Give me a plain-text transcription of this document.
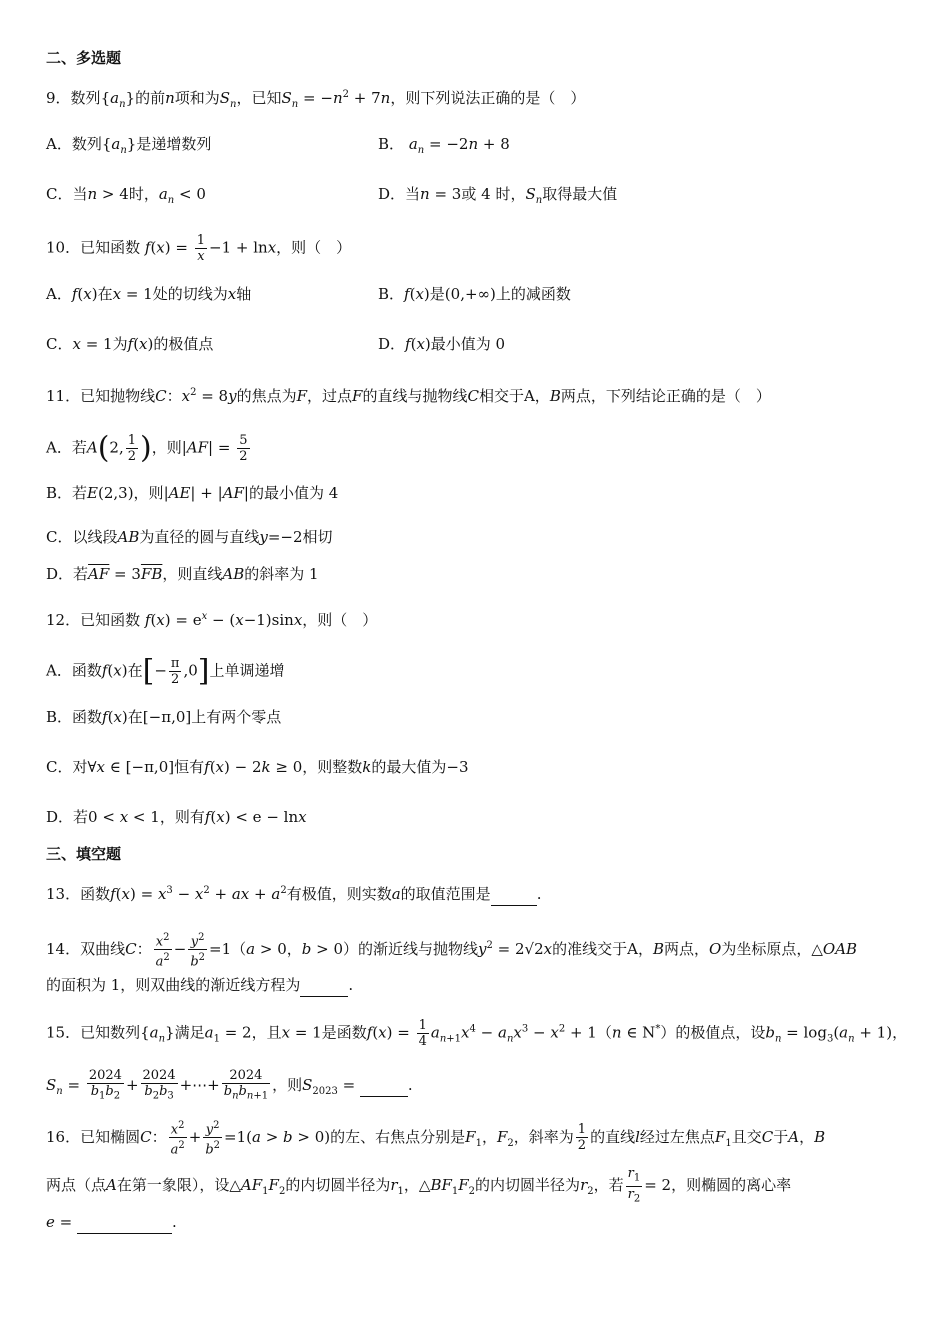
二、多选题
9．数列$\{a_n\}$的前n项和为$S_n$，已知$S_n = -n^2 + 7n$，则下列说法正确的是（　）
A．数列$\{a_n\}$是递增数列	B． $a_n = -2n + 8$
C．当n > 4时，$a_n < 0$	D．当n = 3或 4 时，$S_n$取得最大值
10．已知函数 $f(x) = \frac{1}{x} -1 + \ln x$，则（　）
A．f(x)在x = 1处的切线为x轴	B．f(x)是(0,+∞)上的减函数
C．x = 1为f(x)的极值点	D．f(x)最小值为 0
11．已知抛物线C：$x^2 = 8y$的焦点为F，过点F的直线与抛物线C相交于A，B两点，下列结论正确的是（　）
A．若A(2, $\frac{1}{2}$ )，则$|AF| = \frac{5}{2}$
B．若E(2,3)，则|AE| + |AF|的最小值为 4
C．以线段AB为直径的圆与直线y=−2相切
D．若$\overline{AF} = 3\overline{FB}$，则直线AB的斜率为 1
12．已知函数 $f(x) = e^x - (x-1)\sin x$，则（　）
A．函数f(x)在[− $\frac{\pi}{2} ,0$]上单调递增
B．函数f(x)在[−π,0]上有两个零点
C．对∀x ∈ [−π,0]恒有f(x) − 2k ≥ 0，则整数k的最大值为−3
D．若0 < x < 1，则有f(x) < e − lnx
三、填空题
13．函数$f(x) = x^3 - x^2$ + ax + $a^2$有极值，则实数a的取值范围是	.
14．双曲线C： $\frac{x^2}{a^2} - \frac{y^2}{b^2} =1(a > 0$，b > 0）的渐近线与抛物线$y^2 = 2√2x$的准线交于A，B两点，O为坐标原点，△OAB
的面积为 1，则双曲线的渐近线方程为	.
15．已知数列$\{a_n\}$满足$a_1 = 2$，且x = 1是函数$f(x) = \frac{1}{4} a_{n+1}x^4 - a_nx^3 - x^2 + 1(n$ ∈ N*）的极值点，设$b_n = \log_3(a_n + 1)$，
$S_n = \frac{2024}{b_1b_2} + \frac{2024}{b_2b_3}$ +⋯+ $\frac{2024}{b_nb_{n+1}}$ ，则$S_{2023}$ =	.
16．已知椭圆C： $\frac{x^2}{a^2} + \frac{y^2}{b^2} =1(a > b > 0)$的左、右焦点分别是$F_1$，$F_2$，斜率为 $\frac{1}{2}$ 的直线l经过左焦点$F_1$且交C于A，B
两点（点A在第一象限），设$\triangle AF_1F_2$的内切圆半径为$r_1$，$\triangle BF_1F_2$的内切圆半径为$r_2$，若 $\frac{r_1}{r_2} = 2$，则椭圆的离心率
e =	.
